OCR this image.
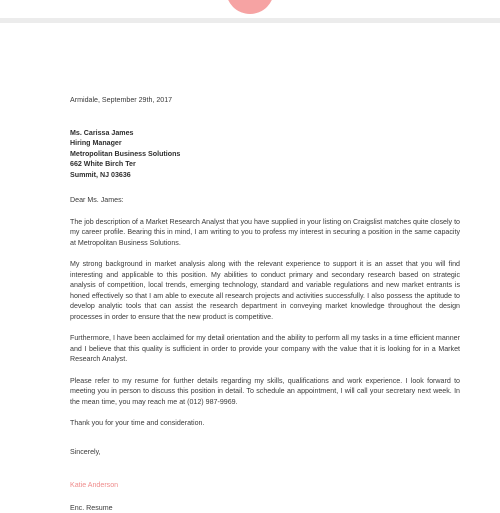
Armidale, September 29th, 2017

Ms. Carissa James
Hiring Manager
Metropolitan Business Solutions
662 White Birch Ter
Summit, NJ 03636

Dear Ms. James:

The job description of a Market Research Analyst that you have supplied in your listing on Craigslist matches quite closely to my career profile. Bearing this in mind, I am writing to you to profess my interest in securing a position in the same capacity at Metropolitan Business Solutions.

My strong background in market analysis along with the relevant experience to support it is an asset that you will find interesting and applicable to this position. My abilities to conduct primary and secondary research based on strategic analysis of competition, local trends, emerging technology, standard and variable regulations and new market entrants is honed effectively so that I am able to execute all research projects and activities successfully. I also possess the aptitude to develop analytic tools that can assist the research department in conveying market knowledge throughout the design processes in order to ensure that the new product is competitive.

Furthermore, I have been acclaimed for my detail orientation and the ability to perform all my tasks in a time efficient manner and I believe that this quality is sufficient in order to provide your company with the value that it is looking for in a Market Research Analyst.

Please refer to my resume for further details regarding my skills, qualifications and work experience. I look forward to meeting you in person to discuss this position in detail. To schedule an appointment, I will call your secretary next week. In the mean time, you may reach me at (012) 987-9969.

Thank you for your time and consideration.

Sincerely,

Katie Anderson

Enc. Resume
